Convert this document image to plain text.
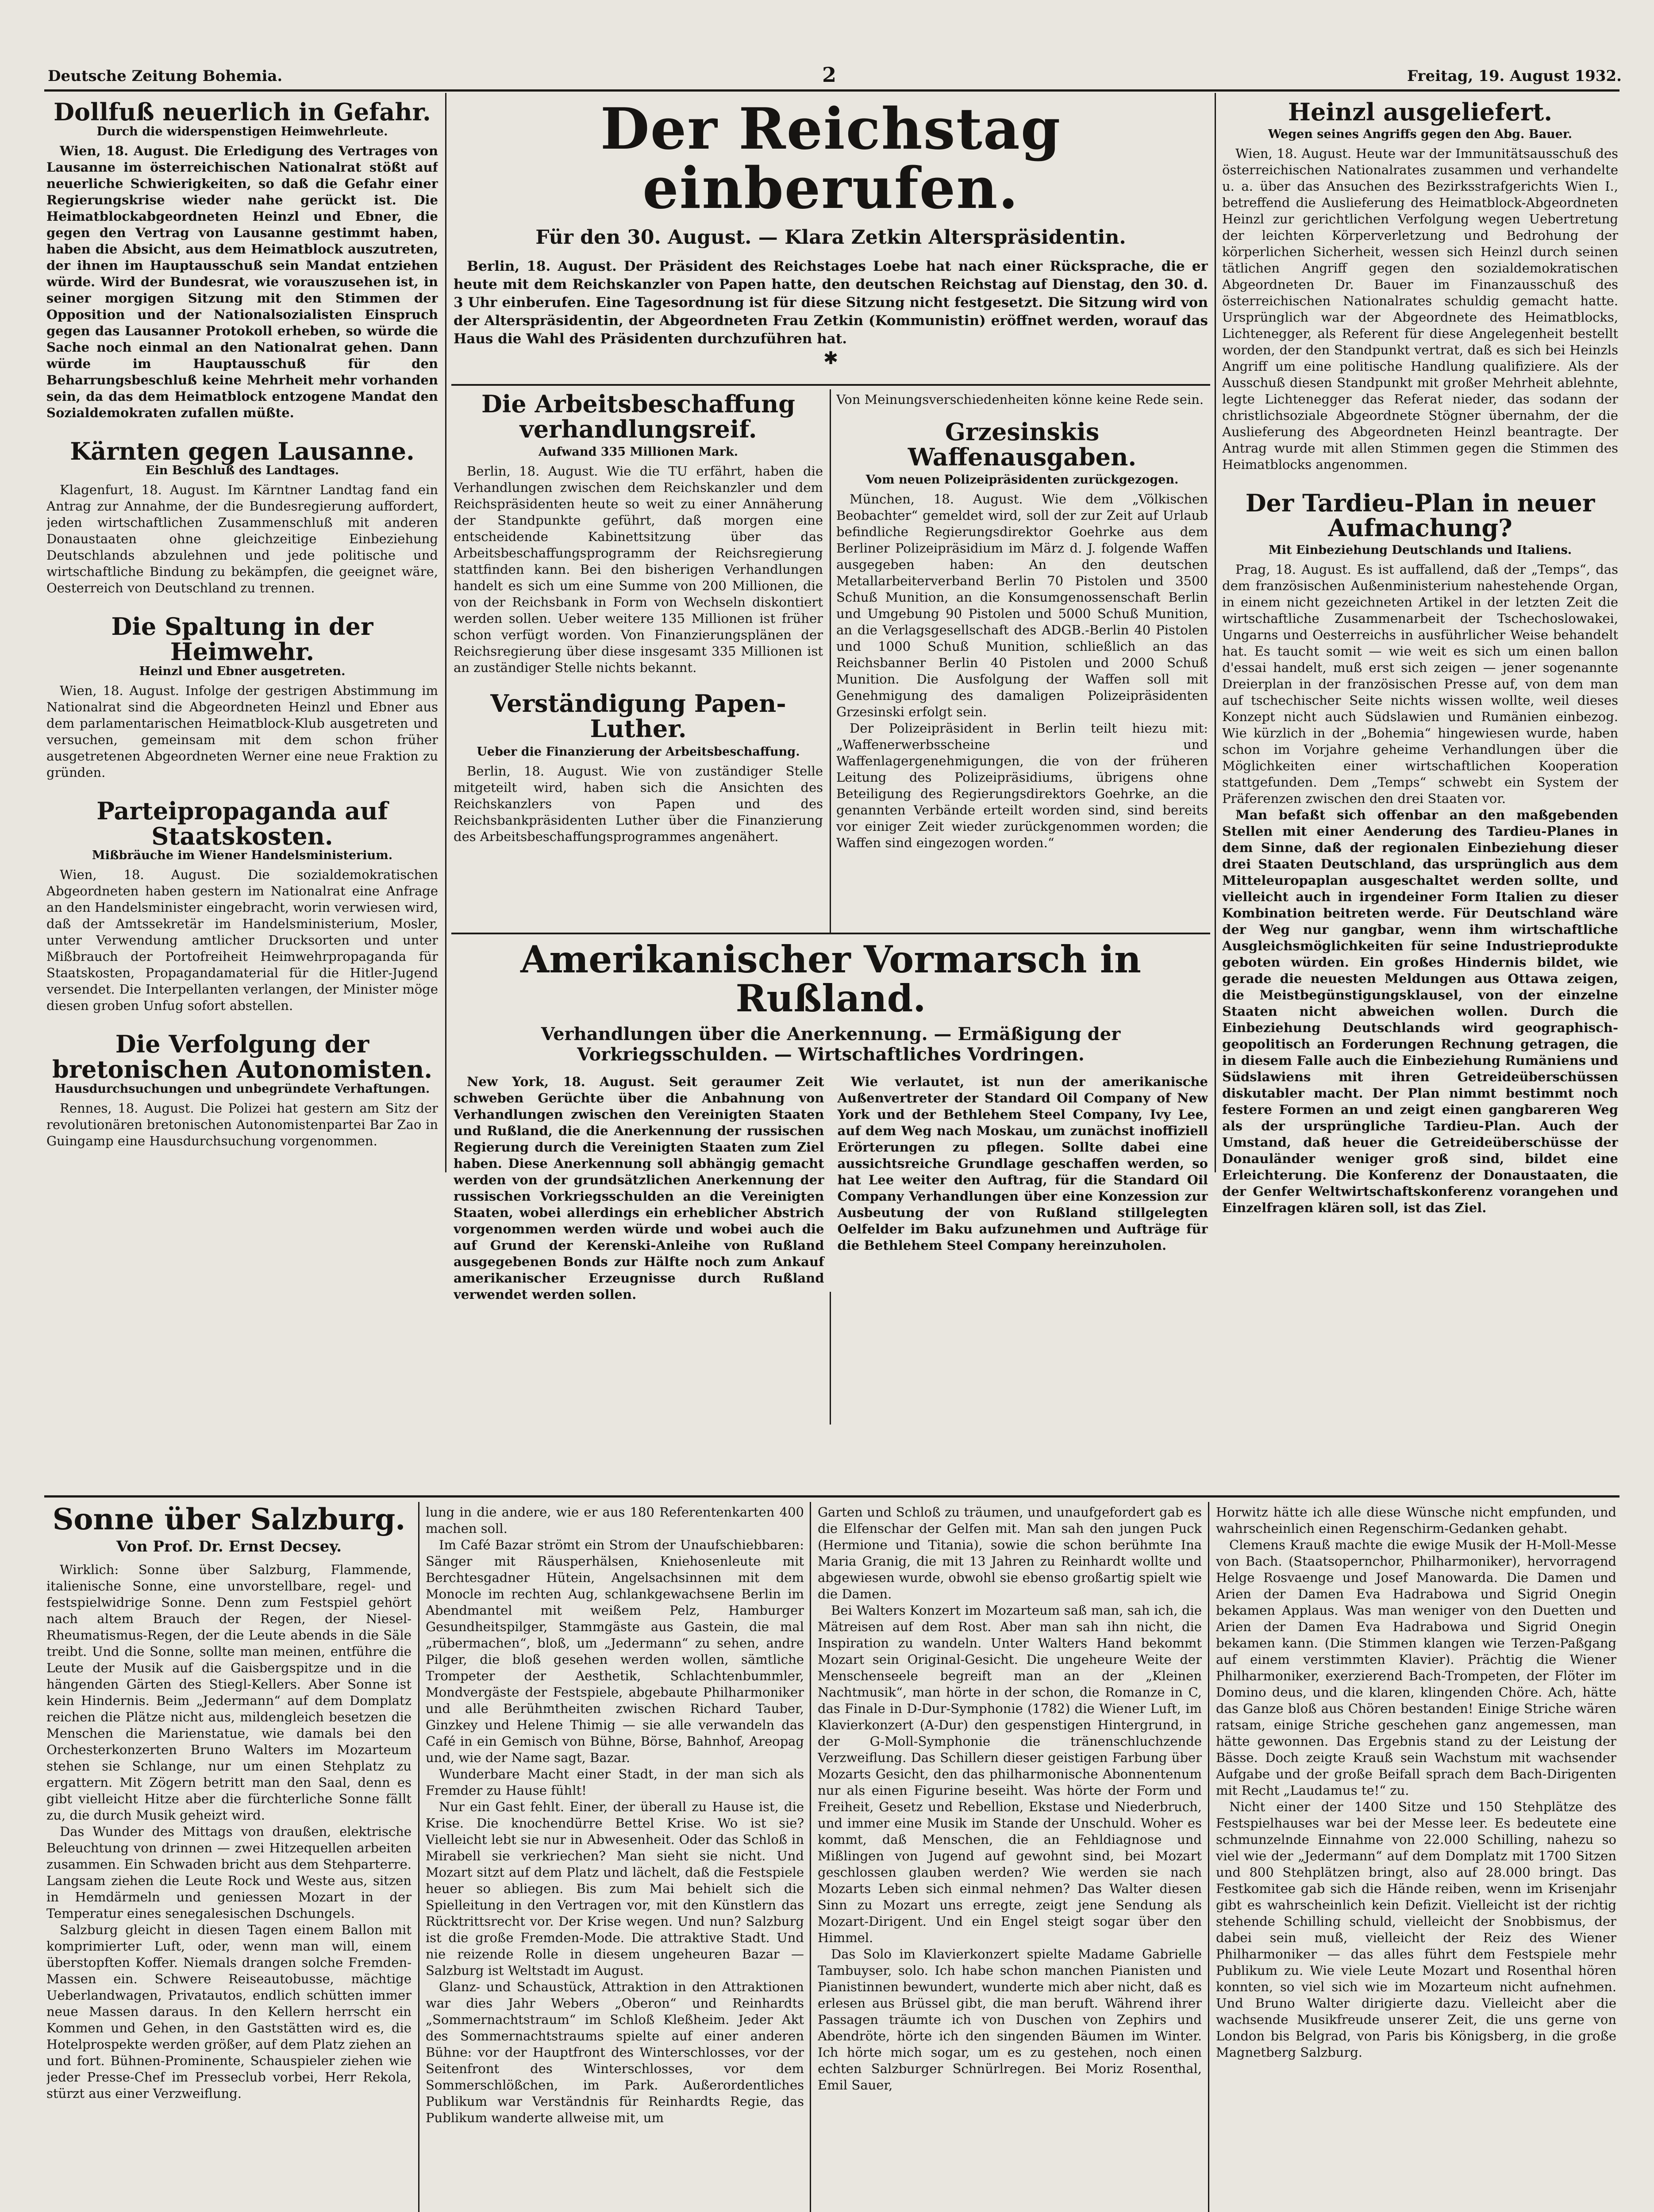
Deutsche Zeitung Bohemia.	2	Freitag, 19. August 1932.
Dollfuß neuerlich in Gefahr.
Durch die widerspenstigen Heimwehrleute.

Wien, 18. August. Die Erledigung des Vertrages von Lausanne im österreichischen Nationalrat stößt auf neuerliche Schwierigkeiten, so daß die Gefahr einer Regierungskrise wieder nahe gerückt ist. Die Heimatblockabgeordneten Heinzl und Ebner, die gegen den Vertrag von Lausanne gestimmt haben, haben die Absicht, aus dem Heimatblock auszutreten, der ihnen im Hauptausschuß sein Mandat entziehen würde. Wird der Bundesrat, wie vorauszusehen ist, in seiner morgigen Sitzung mit den Stimmen der Opposition und der Nationalsozialisten Einspruch gegen das Lausanner Protokoll erheben, so würde die Sache noch einmal an den Nationalrat gehen. Dann würde im Hauptausschuß für den Beharrungsbeschluß keine Mehrheit mehr vorhanden sein, da das dem Heimatblock entzogene Mandat den Sozialdemokraten zufallen müßte.

Kärnten gegen Lausanne.
Ein Beschluß des Landtages.

Klagenfurt, 18. August. Im Kärntner Landtag fand ein Antrag zur Annahme, der die Bundesregierung auffordert, jeden wirtschaftlichen Zusammenschluß mit anderen Donaustaaten ohne gleichzeitige Einbeziehung Deutschlands abzulehnen und jede politische und wirtschaftliche Bindung zu bekämpfen, die geeignet wäre, Oesterreich von Deutschland zu trennen.

Die Spaltung in der Heimwehr.
Heinzl und Ebner ausgetreten.

Wien, 18. August. Infolge der gestrigen Abstimmung im Nationalrat sind die Abgeordneten Heinzl und Ebner aus dem parlamentarischen Heimatblock-Klub ausgetreten und versuchen, gemeinsam mit dem schon früher ausgetretenen Abgeordneten Werner eine neue Fraktion zu gründen.

Parteipropaganda auf Staatskosten.
Mißbräuche im Wiener Handelsministerium.

Wien, 18. August. Die sozialdemokratischen Abgeordneten haben gestern im Nationalrat eine Anfrage an den Handelsminister eingebracht, worin verwiesen wird, daß der Amtssekretär im Handelsministerium, Mosler, unter Verwendung amtlicher Drucksorten und unter Mißbrauch der Portofreiheit Heimwehrpropaganda für Staatskosten, Propagandamaterial für die Hitler-Jugend versendet. Die Interpellanten verlangen, der Minister möge diesen groben Unfug sofort abstellen.

Die Verfolgung der bretonischen Autonomisten.
Hausdurchsuchungen und unbegründete Verhaftungen.

Rennes, 18. August. Die Polizei hat gestern am Sitz der revolutionären bretonischen Autonomistenpartei Bar Zao in Guingamp eine Hausdurchsuchung vorgenommen.

Der Reichstag einberufen.
Für den 30. August. — Klara Zetkin Alterspräsidentin.

Berlin, 18. August. Der Präsident des Reichstages Loebe hat nach einer Rücksprache, die er heute mit dem Reichskanzler von Papen hatte, den deutschen Reichstag auf Dienstag, den 30. d. 3 Uhr einberufen. Eine Tagesordnung ist für diese Sitzung nicht festgesetzt. Die Sitzung wird von der Alterspräsidentin, der Abgeordneten Frau Zetkin (Kommunistin) eröffnet werden, worauf das Haus die Wahl des Präsidenten durchzuführen hat.

✱
Die Arbeitsbeschaffung verhandlungsreif.
Aufwand 335 Millionen Mark.

Berlin, 18. August. Wie die TU erfährt, haben die Verhandlungen zwischen dem Reichskanzler und dem Reichspräsidenten heute so weit zu einer Annäherung der Standpunkte geführt, daß morgen eine entscheidende Kabinettsitzung über das Arbeitsbeschaffungsprogramm der Reichsregierung stattfinden kann. Bei den bisherigen Verhandlungen handelt es sich um eine Summe von 200 Millionen, die von der Reichsbank in Form von Wechseln diskontiert werden sollen. Ueber weitere 135 Millionen ist früher schon verfügt worden. Von Finanzierungsplänen der Reichsregierung über diese insgesamt 335 Millionen ist an zuständiger Stelle nichts bekannt.

Verständigung Papen-Luther.
Ueber die Finanzierung der Arbeitsbeschaffung.

Berlin, 18. August. Wie von zuständiger Stelle mitgeteilt wird, haben sich die Ansichten des Reichskanzlers von Papen und des Reichsbankpräsidenten Luther über die Finanzierung des Arbeitsbeschaffungsprogrammes angenähert.

Von Meinungsverschiedenheiten könne keine Rede sein.

Grzesinskis Waffenausgaben.
Vom neuen Polizeipräsidenten zurückgezogen.

München, 18. August. Wie dem „Völkischen Beobachter“ gemeldet wird, soll der zur Zeit auf Urlaub befindliche Regierungsdirektor Goehrke aus dem Berliner Polizeipräsidium im März d. J. folgende Waffen ausgegeben haben: An den deutschen Metallarbeiterverband Berlin 70 Pistolen und 3500 Schuß Munition, an die Konsumgenossenschaft Berlin und Umgebung 90 Pistolen und 5000 Schuß Munition, an die Verlagsgesellschaft des ADGB.-Berlin 40 Pistolen und 1000 Schuß Munition, schließlich an das Reichsbanner Berlin 40 Pistolen und 2000 Schuß Munition. Die Ausfolgung der Waffen soll mit Genehmigung des damaligen Polizeipräsidenten Grzesinski erfolgt sein.

Der Polizeipräsident in Berlin teilt hiezu mit: „Waffenerwerbsscheine und Waffenlagergenehmigungen, die von der früheren Leitung des Polizeipräsidiums, übrigens ohne Beteiligung des Regierungsdirektors Goehrke, an die genannten Verbände erteilt worden sind, sind bereits vor einiger Zeit wieder zurückgenommen worden; die Waffen sind eingezogen worden.“

Amerikanischer Vormarsch in Rußland.
Verhandlungen über die Anerkennung. — Ermäßigung der Vorkriegsschulden. — Wirtschaftliches Vordringen.

New York, 18. August. Seit geraumer Zeit schweben Gerüchte über die Anbahnung von Verhandlungen zwischen den Vereinigten Staaten und Rußland, die die Anerkennung der russischen Regierung durch die Vereinigten Staaten zum Ziel haben. Diese Anerkennung soll abhängig gemacht werden von der grundsätzlichen Anerkennung der russischen Vorkriegsschulden an die Vereinigten Staaten, wobei allerdings ein erheblicher Abstrich vorgenommen werden würde und wobei auch die auf Grund der Kerenski-Anleihe von Rußland ausgegebenen Bonds zur Hälfte noch zum Ankauf amerikanischer Erzeugnisse durch Rußland verwendet werden sollen.

Wie verlautet, ist nun der amerikanische Außenvertreter der Standard Oil Company of New York und der Bethlehem Steel Company, Ivy Lee, auf dem Weg nach Moskau, um zunächst inoffiziell Erörterungen zu pflegen. Sollte dabei eine aussichtsreiche Grundlage geschaffen werden, so hat Lee weiter den Auftrag, für die Standard Oil Company Verhandlungen über eine Konzession zur Ausbeutung der von Rußland stillgelegten Oelfelder im Baku aufzunehmen und Aufträge für die Bethlehem Steel Company hereinzuholen.

Heinzl ausgeliefert.
Wegen seines Angriffs gegen den Abg. Bauer.

Wien, 18. August. Heute war der Immunitätsausschuß des österreichischen Nationalrates zusammen und verhandelte u. a. über das Ansuchen des Bezirksstrafgerichts Wien I., betreffend die Auslieferung des Heimatblock-Abgeordneten Heinzl zur gerichtlichen Verfolgung wegen Uebertretung der leichten Körperverletzung und Bedrohung der körperlichen Sicherheit, wessen sich Heinzl durch seinen tätlichen Angriff gegen den sozialdemokratischen Abgeordneten Dr. Bauer im Finanzausschuß des österreichischen Nationalrates schuldig gemacht hatte. Ursprünglich war der Abgeordnete des Heimatblocks, Lichtenegger, als Referent für diese Angelegenheit bestellt worden, der den Standpunkt vertrat, daß es sich bei Heinzls Angriff um eine politische Handlung qualifiziere. Als der Ausschuß diesen Standpunkt mit großer Mehrheit ablehnte, legte Lichtenegger das Referat nieder, das sodann der christlichsoziale Abgeordnete Stögner übernahm, der die Auslieferung des Abgeordneten Heinzl beantragte. Der Antrag wurde mit allen Stimmen gegen die Stimmen des Heimatblocks angenommen.

Der Tardieu-Plan in neuer Aufmachung?
Mit Einbeziehung Deutschlands und Italiens.

Prag, 18. August. Es ist auffallend, daß der „Temps“, das dem französischen Außenministerium nahestehende Organ, in einem nicht gezeichneten Artikel in der letzten Zeit die wirtschaftliche Zusammenarbeit der Tschechoslowakei, Ungarns und Oesterreichs in ausführlicher Weise behandelt hat. Es taucht somit — wie weit es sich um einen ballon d'essai handelt, muß erst sich zeigen — jener sogenannte Dreierplan in der französischen Presse auf, von dem man auf tschechischer Seite nichts wissen wollte, weil dieses Konzept nicht auch Südslawien und Rumänien einbezog. Wie kürzlich in der „Bohemia“ hingewiesen wurde, haben schon im Vorjahre geheime Verhandlungen über die Möglichkeiten einer wirtschaftlichen Kooperation stattgefunden. Dem „Temps“ schwebt ein System der Präferenzen zwischen den drei Staaten vor.

Man befaßt sich offenbar an den maßgebenden Stellen mit einer Aenderung des Tardieu-Planes in dem Sinne, daß der regionalen Einbeziehung dieser drei Staaten Deutschland, das ursprünglich aus dem Mitteleuropaplan ausgeschaltet werden sollte, und vielleicht auch in irgendeiner Form Italien zu dieser Kombination beitreten werde. Für Deutschland wäre der Weg nur gangbar, wenn ihm wirtschaftliche Ausgleichsmöglichkeiten für seine Industrieprodukte geboten würden. Ein großes Hindernis bildet, wie gerade die neuesten Meldungen aus Ottawa zeigen, die Meistbegünstigungsklausel, von der einzelne Staaten nicht abweichen wollen. Durch die Einbeziehung Deutschlands wird geographisch-geopolitisch an Forderungen Rechnung getragen, die in diesem Falle auch die Einbeziehung Rumäniens und Südslawiens mit ihren Getreideüberschüssen diskutabler macht. Der Plan nimmt bestimmt noch festere Formen an und zeigt einen gangbareren Weg als der ursprüngliche Tardieu-Plan. Auch der Umstand, daß heuer die Getreideüberschüsse der Donauländer weniger groß sind, bildet eine Erleichterung. Die Konferenz der Donaustaaten, die der Genfer Weltwirtschaftskonferenz vorangehen und Einzelfragen klären soll, ist das Ziel.

Sonne über Salzburg.
Von Prof. Dr. Ernst Decsey.

Wirklich: Sonne über Salzburg, Flammende, italienische Sonne, eine unvorstellbare, regel- und festspielwidrige Sonne. Denn zum Festspiel gehört nach altem Brauch der Regen, der Niesel-Rheumatismus-Regen, der die Leute abends in die Säle treibt. Und die Sonne, sollte man meinen, entführe die Leute der Musik auf die Gaisbergspitze und in die hängenden Gärten des Stiegl-Kellers. Aber Sonne ist kein Hindernis. Beim „Jedermann“ auf dem Domplatz reichen die Plätze nicht aus, mildengleich besetzen die Menschen die Marienstatue, wie damals bei den Orchesterkonzerten Bruno Walters im Mozarteum stehen sie Schlange, nur um einen Stehplatz zu ergattern. Mit Zögern betritt man den Saal, denn es gibt vielleicht Hitze aber die fürchterliche Sonne fällt zu, die durch Musik geheizt wird.

Das Wunder des Mittags von draußen, elektrische Beleuchtung von drinnen — zwei Hitzequellen arbeiten zusammen. Ein Schwaden bricht aus dem Stehparterre. Langsam ziehen die Leute Rock und Weste aus, sitzen in Hemdärmeln und geniessen Mozart in der Temperatur eines senegalesischen Dschungels.

Salzburg gleicht in diesen Tagen einem Ballon mit komprimierter Luft, oder, wenn man will, einem überstopften Koffer. Niemals drangen solche Fremden-Massen ein. Schwere Reiseautobusse, mächtige Ueberlandwagen, Privatautos, endlich schütten immer neue Massen daraus. In den Kellern herrscht ein Kommen und Gehen, in den Gaststätten wird es, die Hotelprospekte werden größer, auf dem Platz ziehen an und fort. Bühnen-Prominente, Schauspieler ziehen wie jeder Presse-Chef im Presseclub vorbei, Herr Rekola, stürzt aus einer Verzweiflung.

lung in die andere, wie er aus 180 Referentenkarten 400 machen soll.

Im Café Bazar strömt ein Strom der Unaufschiebbaren: Sänger mit Räusperhälsen, Kniehosenleute mit Berchtesgadner Hütein, Angelsachsinnen mit dem Monocle im rechten Aug, schlankgewachsene Berlin im Abendmantel mit weißem Pelz, Hamburger Gesundheitspilger, Stammgäste aus Gastein, die mal „rübermachen“, bloß, um „Jedermann“ zu sehen, andre Pilger, die bloß gesehen werden wollen, sämtliche Trompeter der Aesthetik, Schlachtenbummler, Mondvergäste der Festspiele, abgebaute Philharmoniker und alle Berühmtheiten zwischen Richard Tauber, Ginzkey und Helene Thimig — sie alle verwandeln das Café in ein Gemisch von Bühne, Börse, Bahnhof, Areopag und, wie der Name sagt, Bazar.

Wunderbare Macht einer Stadt, in der man sich als Fremder zu Hause fühlt!

Nur ein Gast fehlt. Einer, der überall zu Hause ist, die Krise. Die knochendürre Bettel Krise. Wo ist sie? Vielleicht lebt sie nur in Abwesenheit. Oder das Schloß in Mirabell sie verkriechen? Man sieht sie nicht. Und Mozart sitzt auf dem Platz und lächelt, daß die Festspiele heuer so abliegen. Bis zum Mai behielt sich die Spielleitung in den Vertragen vor, mit den Künstlern das Rücktrittsrecht vor. Der Krise wegen. Und nun? Salzburg ist die große Fremden-Mode. Die attraktive Stadt. Und nie reizende Rolle in diesem ungeheuren Bazar — Salzburg ist Weltstadt im August.

Glanz- und Schaustück, Attraktion in den Attraktionen war dies Jahr Webers „Oberon“ und Reinhardts „Sommernachtstraum“ im Schloß Kleßheim. Jeder Akt des Sommernachtstraums spielte auf einer anderen Bühne: vor der Hauptfront des Winterschlosses, vor der Seitenfront des Winterschlosses, vor dem Sommerschlößchen, im Park. Außerordentliches Publikum war Verständnis für Reinhardts Regie, das Publikum wanderte allweise mit, um

Garten und Schloß zu träumen, und unaufgefordert gab es die Elfenschar der Gelfen mit. Man sah den jungen Puck (Hermione und Titania), sowie die schon berühmte Ina Maria Granig, die mit 13 Jahren zu Reinhardt wollte und abgewiesen wurde, obwohl sie ebenso großartig spielt wie die Damen.

Bei Walters Konzert im Mozarteum saß man, sah ich, die Mätreisen auf dem Rost. Aber man sah ihn nicht, die Inspiration zu wandeln. Unter Walters Hand bekommt Mozart sein Original-Gesicht. Die ungeheure Weite der Menschenseele begreift man an der „Kleinen Nachtmusik“, man hörte in der schon, die Romanze in C, das Finale in D-Dur-Symphonie (1782) die Wiener Luft, im Klavierkonzert (A-Dur) den gespenstigen Hintergrund, in der G-Moll-Symphonie die tränenschluchzende Verzweiflung. Das Schillern dieser geistigen Farbung über Mozarts Gesicht, den das philharmonische Abonnentenum nur als einen Figurine beseiht. Was hörte der Form und Freiheit, Gesetz und Rebellion, Ekstase und Niederbruch, und immer eine Musik im Stande der Unschuld. Woher es kommt, daß Menschen, die an Fehldiagnose und Mißlingen von Jugend auf gewohnt sind, bei Mozart geschlossen glauben werden? Wie werden sie nach Mozarts Leben sich einmal nehmen? Das Walter diesen Sinn zu Mozart uns erregte, zeigt jene Sendung als Mozart-Dirigent. Und ein Engel steigt sogar über den Himmel.

Das Solo im Klavierkonzert spielte Madame Gabrielle Tambuyser, solo. Ich habe schon manchen Pianisten und Pianistinnen bewundert, wunderte mich aber nicht, daß es erlesen aus Brüssel gibt, die man beruft. Während ihrer Passagen träumte ich von Duschen von Zephirs und Abendröte, hörte ich den singenden Bäumen im Winter. Ich hörte mich sogar, um es zu gestehen, noch einen echten Salzburger Schnürlregen. Bei Moriz Rosenthal, Emil Sauer,

Horwitz hätte ich alle diese Wünsche nicht empfunden, und wahrscheinlich einen Regenschirm-Gedanken gehabt.

Clemens Krauß machte die ewige Musik der H-Moll-Messe von Bach. (Staatsopernchor, Philharmoniker), hervorragend Helge Rosvaenge und Josef Manowarda. Die Damen und Arien der Damen Eva Hadrabowa und Sigrid Onegin bekamen Applaus. Was man weniger von den Duetten und Arien der Damen Eva Hadrabowa und Sigrid Onegin bekamen kann. (Die Stimmen klangen wie Terzen-Paßgang auf einem verstimmten Klavier). Prächtig die Wiener Philharmoniker, exerzierend Bach-Trompeten, der Flöter im Domino deus, und die klaren, klingenden Chöre. Ach, hätte das Ganze bloß aus Chören bestanden! Einige Striche wären ratsam, einige Striche geschehen ganz angemessen, man hätte gewonnen. Das Ergebnis stand zu der Leistung der Bässe. Doch zeigte Krauß sein Wachstum mit wachsender Aufgabe und der große Beifall sprach dem Bach-Dirigenten mit Recht „Laudamus te!“ zu.

Nicht einer der 1400 Sitze und 150 Stehplätze des Festspielhauses war bei der Messe leer. Es bedeutete eine schmunzelnde Einnahme von 22.000 Schilling, nahezu so viel wie der „Jedermann“ auf dem Domplatz mit 1700 Sitzen und 800 Stehplätzen bringt, also auf 28.000 bringt. Das Festkomitee gab sich die Hände reiben, wenn im Krisenjahr gibt es wahrscheinlich kein Defizit. Vielleicht ist der richtig stehende Schilling schuld, vielleicht der Snobbismus, der dabei sein muß, vielleicht der Reiz des Wiener Philharmoniker — das alles führt dem Festspiele mehr Publikum zu. Wie viele Leute Mozart und Rosenthal hören konnten, so viel sich wie im Mozarteum nicht aufnehmen. Und Bruno Walter dirigierte dazu. Vielleicht aber die wachsende Musikfreude unserer Zeit, die uns gerne von London bis Belgrad, von Paris bis Königsberg, in die große Magnetberg Salzburg.
